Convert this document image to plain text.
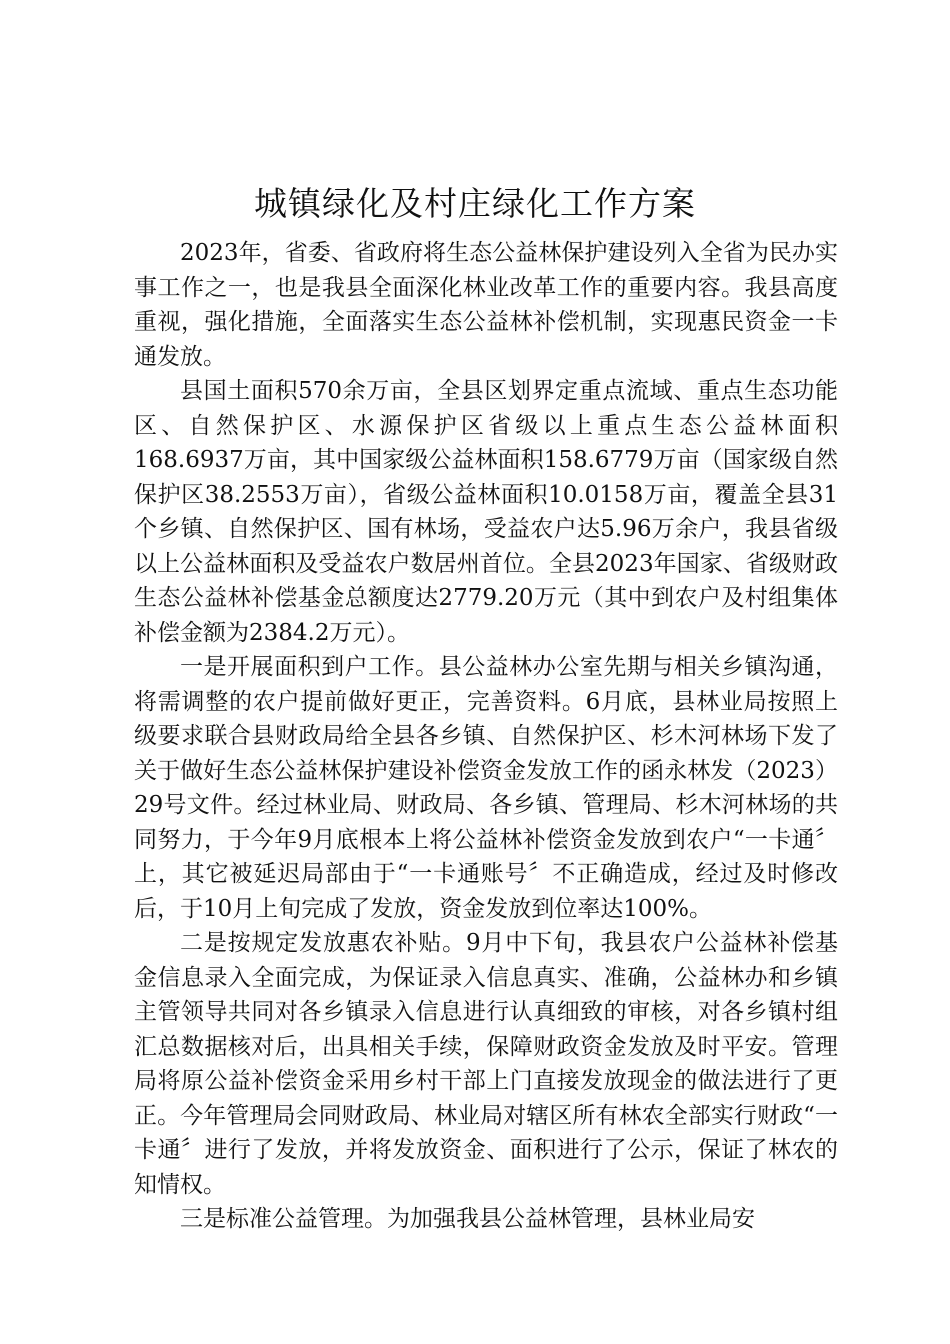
城镇绿化及村庄绿化工作方案

2023年，省委、省政府将生态公益林保护建设列入全省为民办实事工作之一，也是我县全面深化林业改革工作的重要内容。我县高度重视，强化措施，全面落实生态公益林补偿机制，实现惠民资金一卡通发放。

县国土面积570余万亩，全县区划界定重点流域、重点生态功能区、自然保护区、水源保护区省级以上重点生态公益林面积168.6937万亩，其中国家级公益林面积158.6779万亩（国家级自然保护区38.2553万亩），省级公益林面积10.0158万亩，覆盖全县31个乡镇、自然保护区、国有林场，受益农户达5.96万余户，我县省级以上公益林面积及受益农户数居州首位。全县2023年国家、省级财政生态公益林补偿基金总额度达2779.20万元（其中到农户及村组集体补偿金额为2384.2万元）。

一是开展面积到户工作。县公益林办公室先期与相关乡镇沟通，将需调整的农户提前做好更正，完善资料。6月底，县林业局按照上级要求联合县财政局给全县各乡镇、自然保护区、杉木河林场下发了关于做好生态公益林保护建设补偿资金发放工作的函永林发（2023）29号文件。经过林业局、财政局、各乡镇、管理局、杉木河林场的共同努力，于今年9月底根本上将公益林补偿资金发放到农户“一卡通〞上，其它被延迟局部由于“一卡通账号〞不正确造成，经过及时修改后，于10月上旬完成了发放，资金发放到位率达100%。

二是按规定发放惠农补贴。9月中下旬，我县农户公益林补偿基金信息录入全面完成，为保证录入信息真实、准确，公益林办和乡镇主管领导共同对各乡镇录入信息进行认真细致的审核，对各乡镇村组汇总数据核对后，出具相关手续，保障财政资金发放及时平安。管理局将原公益补偿资金采用乡村干部上门直接发放现金的做法进行了更正。今年管理局会同财政局、林业局对辖区所有林农全部实行财政“一卡通〞进行了发放，并将发放资金、面积进行了公示，保证了林农的知情权。

三是标准公益管理。为加强我县公益林管理，县林业局安
